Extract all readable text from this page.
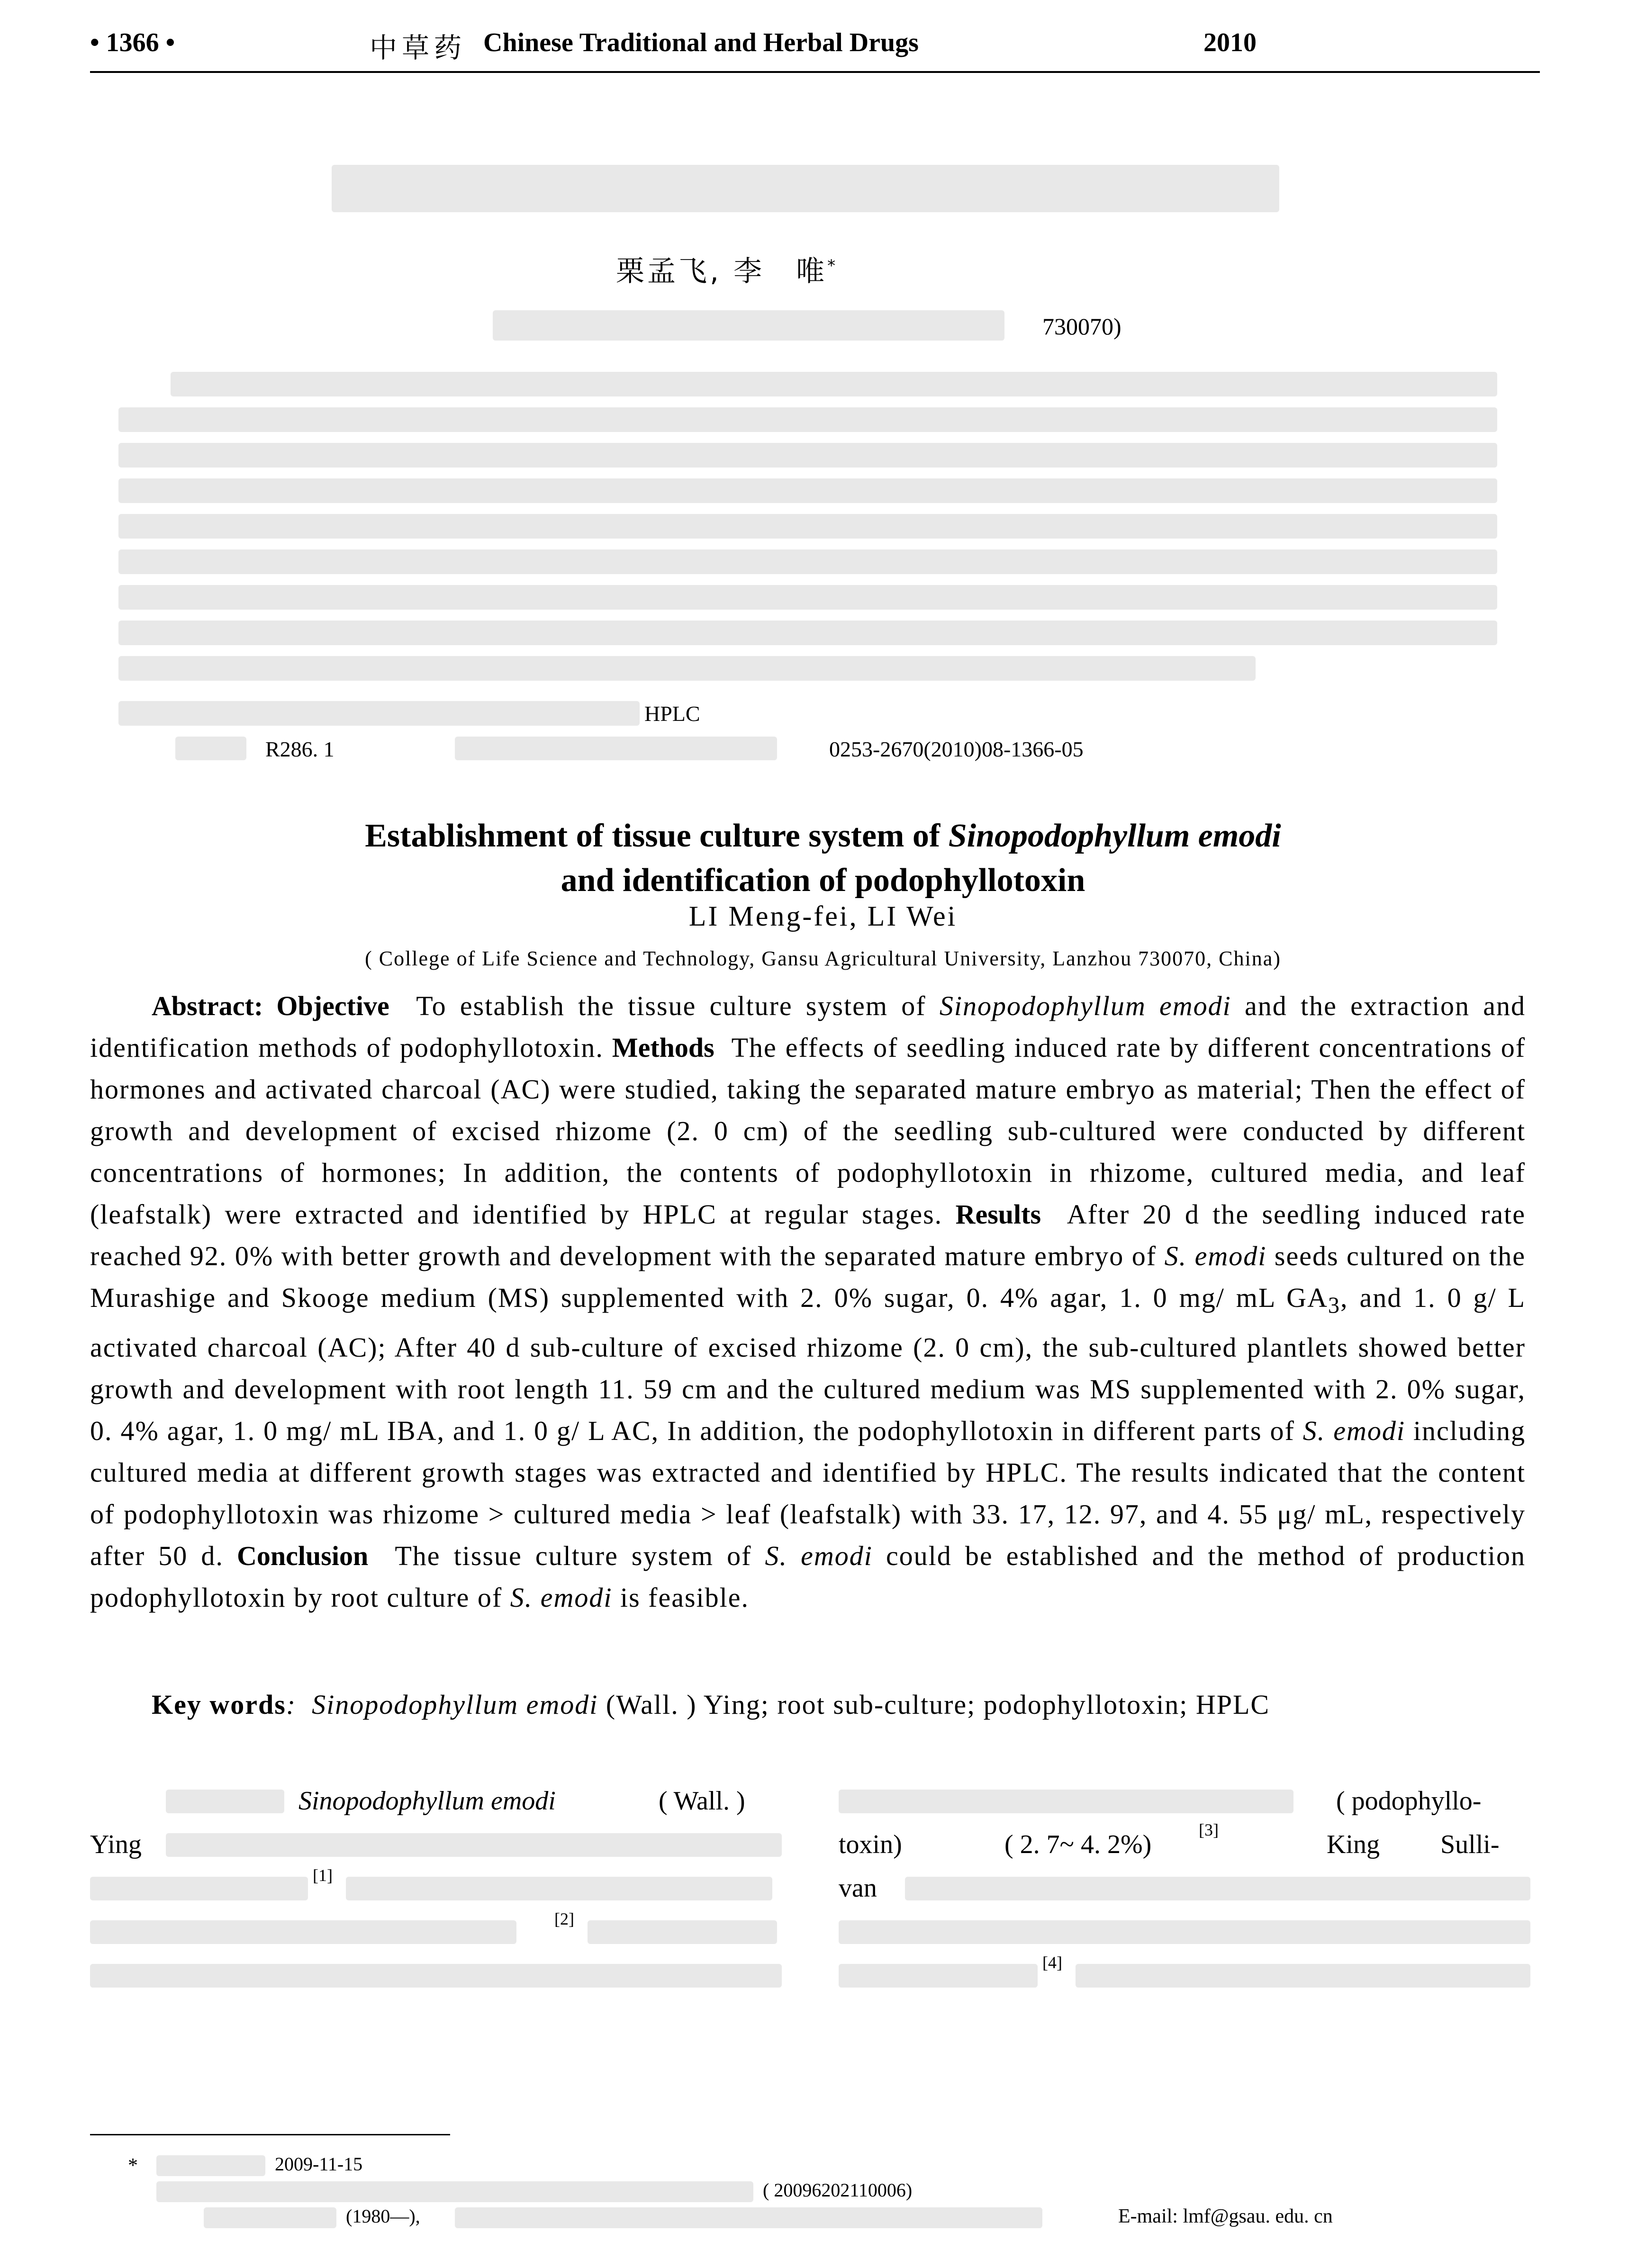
• 1366 •	中草药 Chinese Traditional and Herbal Drugs	2010
栗孟飞, 李　唯*
730070)
HPLC
R286. 1	0253-2670(2010)08-1366-05
Establishment of tissue culture system of Sinopodophyllum emodi
and identification of podophyllotoxin
LI Meng-fei, LI Wei
( College of Life Science and Technology, Gansu Agricultural University, Lanzhou 730070, China)
Abstract: Objective To establish the tissue culture system of Sinopodophyllum emodi and the extraction and identification methods of podophyllotoxin. Methods The effects of seedling induced rate by different concentrations of hormones and activated charcoal (AC) were studied, taking the separated mature embryo as material; Then the effect of growth and development of excised rhizome (2. 0 cm) of the seedling sub-cultured were conducted by different concentrations of hormones; In addition, the contents of podophyllotoxin in rhizome, cultured media, and leaf (leafstalk) were extracted and identified by HPLC at regular stages. Results After 20 d the seedling induced rate reached 92. 0% with better growth and development with the separated mature embryo of S. emodi seeds cultured on the Murashige and Skooge medium (MS) supplemented with 2. 0% sugar, 0. 4% agar, 1. 0 mg/ mL $GA_3$, and 1. 0 g/ L activated charcoal (AC); After 40 d sub-culture of excised rhizome (2. 0 cm), the sub-cultured plantlets showed better growth and development with root length 11. 59 cm and the cultured medium was MS supplemented with 2. 0% sugar, 0. 4% agar, 1. 0 mg/ mL IBA, and 1. 0 g/ L AC, In addition, the podophyllotoxin in different parts of S. emodi including cultured media at different growth stages was extracted and identified by HPLC. The results indicated that the content of podophyllotoxin was rhizome > cultured media > leaf (leafstalk) with 33. 17, 12. 97, and 4. 55 μg/ mL, respectively after 50 d. Conclusion The tissue culture system of S. emodi could be established and the method of production podophyllotoxin by root culture of S. emodi is feasible.
Key words: Sinopodophyllum emodi (Wall. ) Ying; root sub-culture; podophyllotoxin; HPLC
Sinopodophyllum emodi	( Wall. )
Ying
[1]
[2]
( podophyllo-
toxin)	( 2. 7~ 4. 2%)	[3]	King Sulli-
van
[4]
*	2009-11-15
( 20096202110006)
(1980—),	E-mail: lmf@gsau. edu. cn
